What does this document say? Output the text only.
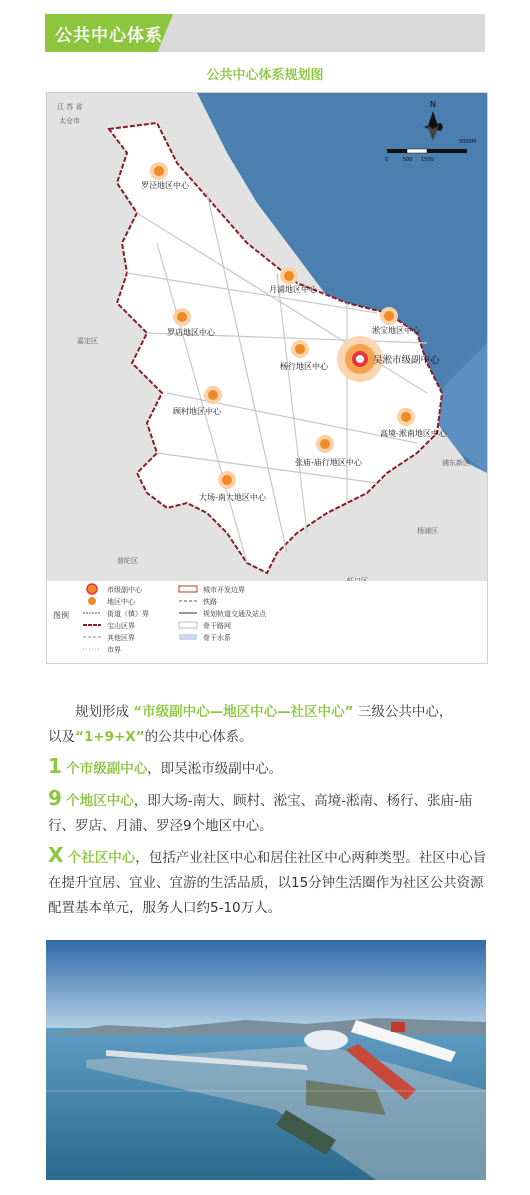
公共中心体系
公共中心体系规划图
江 苏 省
太仓市
嘉定区
杨浦区
浦东新区
普陀区
N
0	500 1500
5000M
罗泾地区中心
月浦地区中心
罗店地区中心
杨行地区中心
淞宝地区中心
吴淞市级副中心
顾村地区中心
高境-淞南地区中心
张庙-庙行地区中心
大场-南大地区中心
图例
市级副中心
地区中心
街道（镇）界
宝山区界
其他区界
市界
城市开发边界
铁路
规划轨道交通及站点
骨干路网
骨干水系

  规划形成 “市级副中心—地区中心—社区中心” 三级公共中心，
以及“1+9+X”的公共中心体系。

1 个市级副中心，即吴淞市级副中心。

9 个地区中心，即大场-南大、顾村、淞宝、高境-淞南、杨行、张庙-庙行、罗店、月浦、罗泾9个地区中心。

X 个社区中心，包括产业社区中心和居住社区中心两种类型。社区中心旨在提升宜居、宜业、宜游的生活品质，以15分钟生活圈作为社区公共资源配置基本单元，服务人口约5-10万人。
